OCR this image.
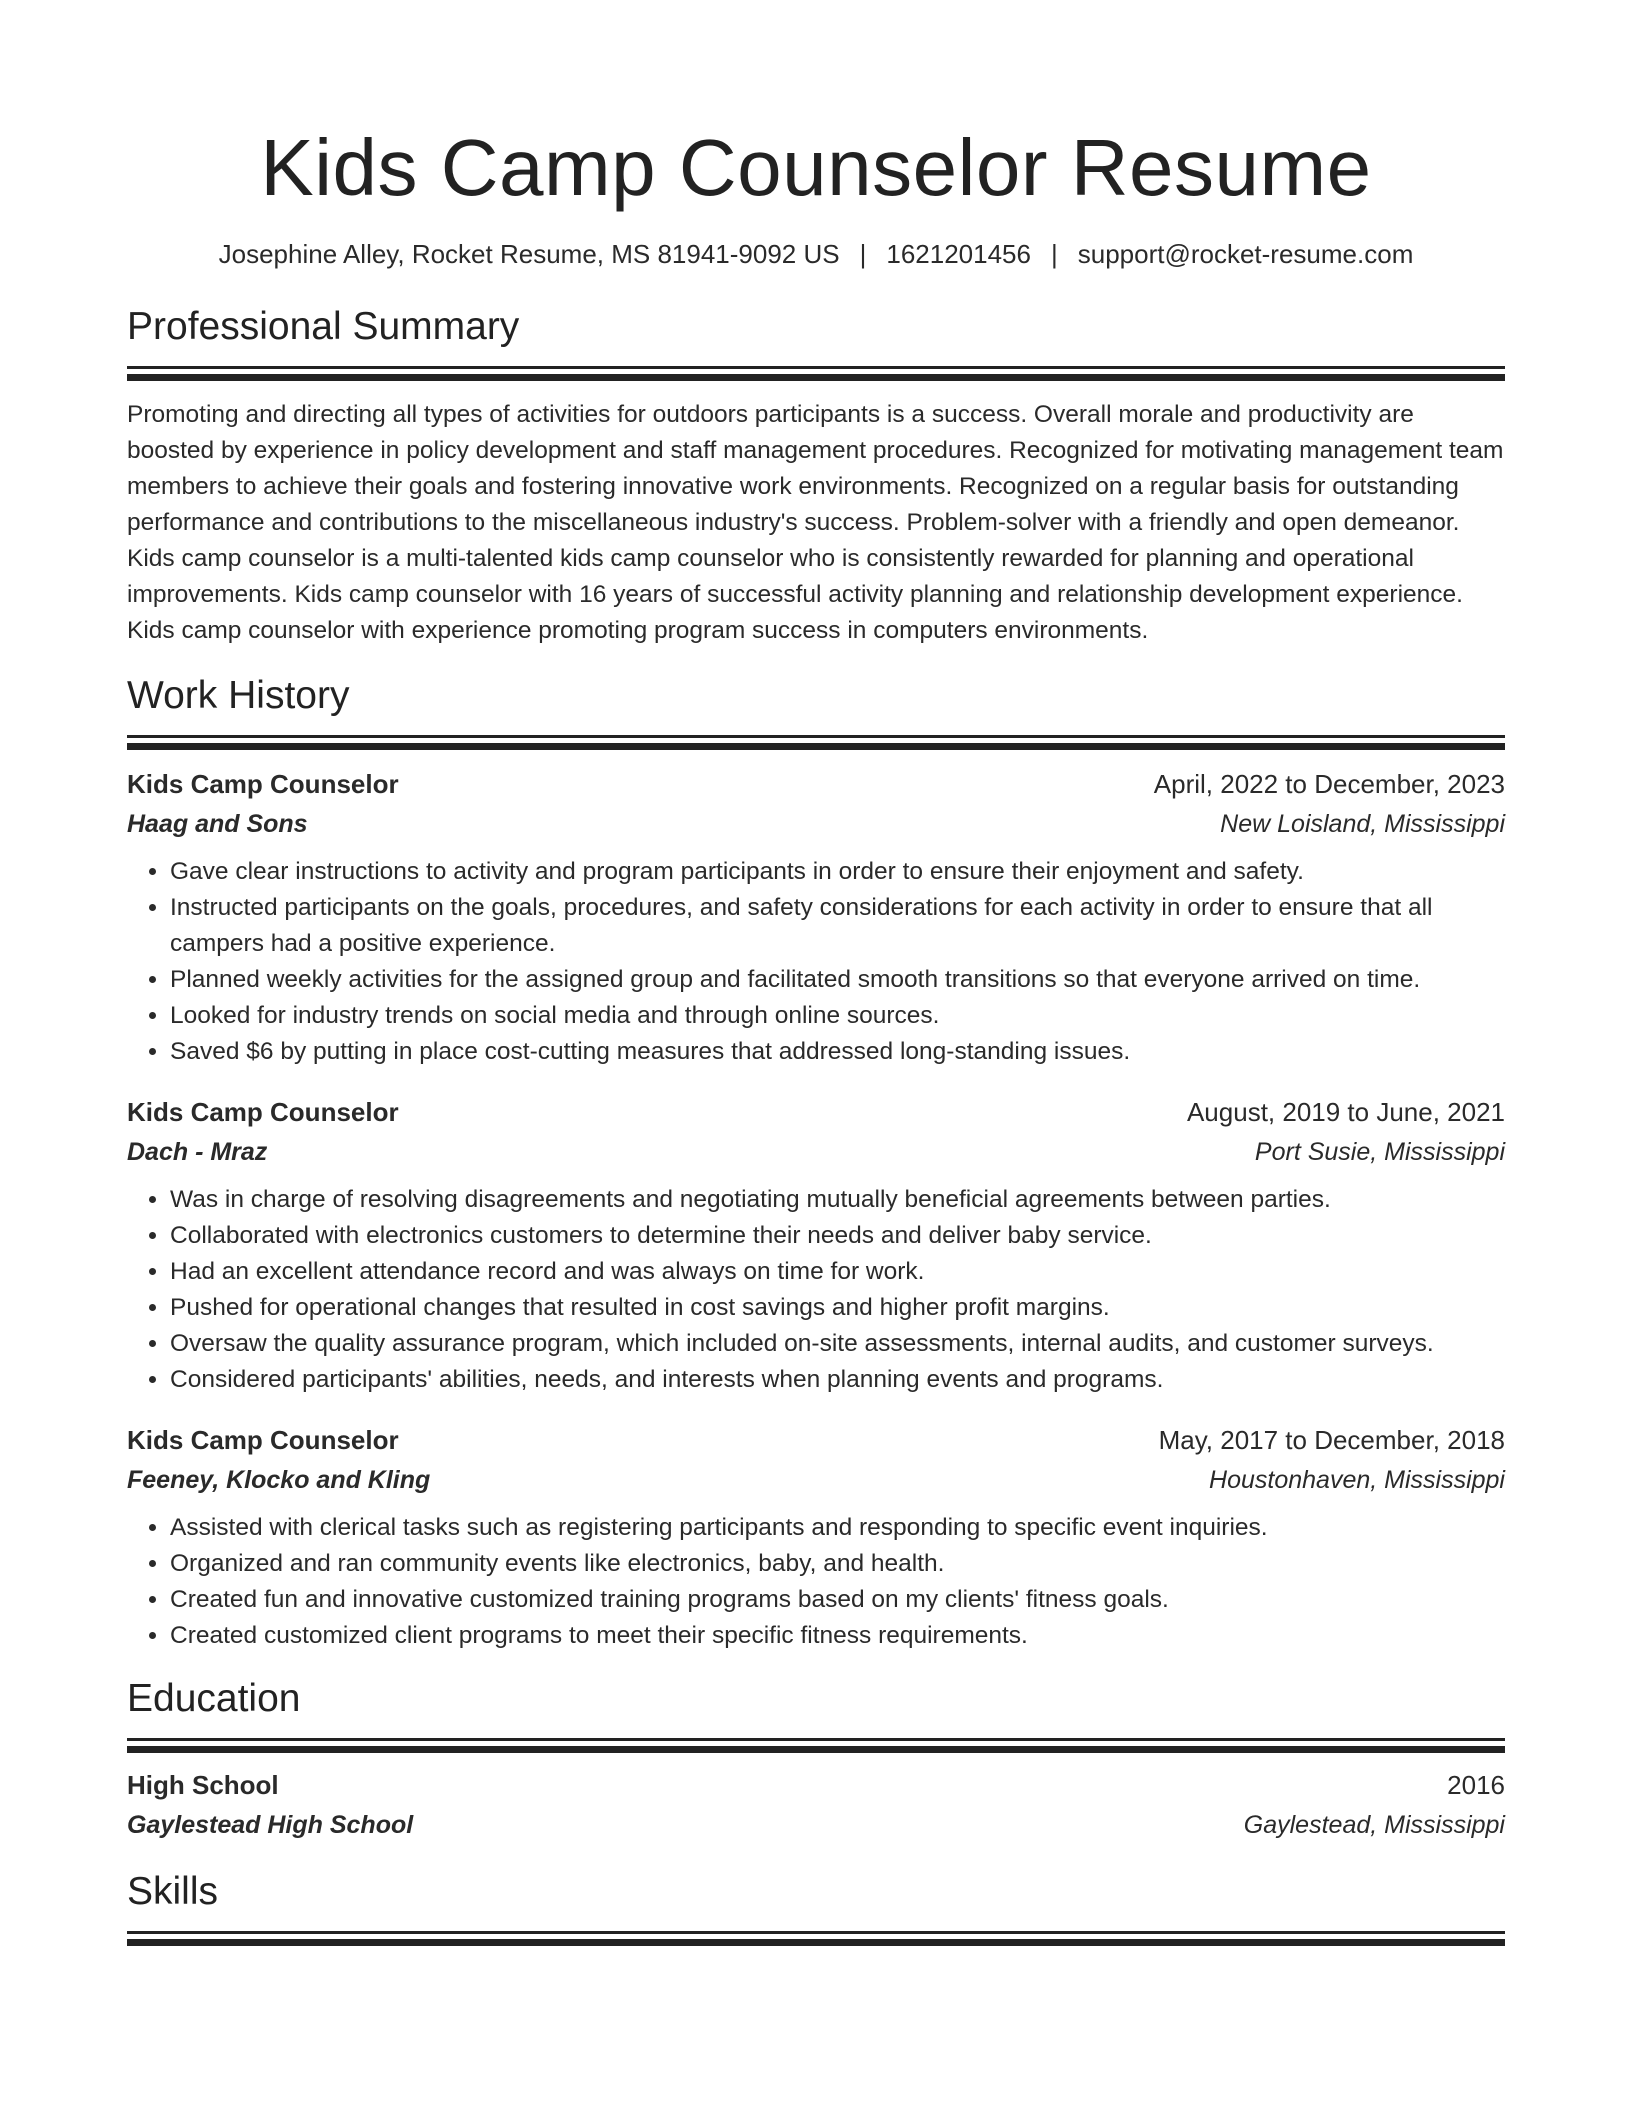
Kids Camp Counselor Resume
Josephine Alley, Rocket Resume, MS 81941-9092 US | 1621201456 | support@rocket-resume.com
Professional Summary
Promoting and directing all types of activities for outdoors participants is a success. Overall morale and productivity are boosted by experience in policy development and staff management procedures. Recognized for motivating management team members to achieve their goals and fostering innovative work environments. Recognized on a regular basis for outstanding performance and contributions to the miscellaneous industry's success. Problem-solver with a friendly and open demeanor. Kids camp counselor is a multi-talented kids camp counselor who is consistently rewarded for planning and operational improvements. Kids camp counselor with 16 years of successful activity planning and relationship development experience. Kids camp counselor with experience promoting program success in computers environments.
Work History
Kids Camp Counselor	April, 2022 to December, 2023
Haag and Sons	New Loisland, Mississippi
• Gave clear instructions to activity and program participants in order to ensure their enjoyment and safety.
• Instructed participants on the goals, procedures, and safety considerations for each activity in order to ensure that all campers had a positive experience.
• Planned weekly activities for the assigned group and facilitated smooth transitions so that everyone arrived on time.
• Looked for industry trends on social media and through online sources.
• Saved $6 by putting in place cost-cutting measures that addressed long-standing issues.
Kids Camp Counselor	August, 2019 to June, 2021
Dach - Mraz	Port Susie, Mississippi
• Was in charge of resolving disagreements and negotiating mutually beneficial agreements between parties.
• Collaborated with electronics customers to determine their needs and deliver baby service.
• Had an excellent attendance record and was always on time for work.
• Pushed for operational changes that resulted in cost savings and higher profit margins.
• Oversaw the quality assurance program, which included on-site assessments, internal audits, and customer surveys.
• Considered participants' abilities, needs, and interests when planning events and programs.
Kids Camp Counselor	May, 2017 to December, 2018
Feeney, Klocko and Kling	Houstonhaven, Mississippi
• Assisted with clerical tasks such as registering participants and responding to specific event inquiries.
• Organized and ran community events like electronics, baby, and health.
• Created fun and innovative customized training programs based on my clients' fitness goals.
• Created customized client programs to meet their specific fitness requirements.
Education
High School	2016
Gaylestead High School	Gaylestead, Mississippi
Skills
